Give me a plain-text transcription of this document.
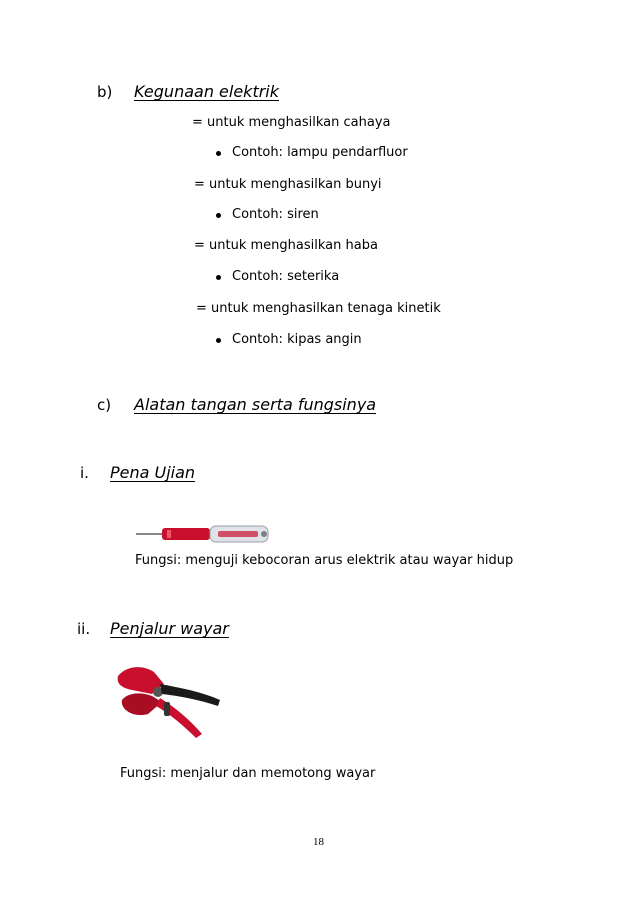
b) Kegunaan elektrik
= untuk menghasilkan cahaya
Contoh: lampu pendarfluor
= untuk menghasilkan bunyi
Contoh: siren
= untuk menghasilkan haba
Contoh: seterika
= untuk menghasilkan tenaga kinetik
Contoh: kipas angin
c) Alatan tangan serta fungsinya
i. Pena Ujian
Fungsi: menguji kebocoran arus elektrik atau wayar hidup
ii. Penjalur wayar
Fungsi: menjalur dan memotong wayar
18
